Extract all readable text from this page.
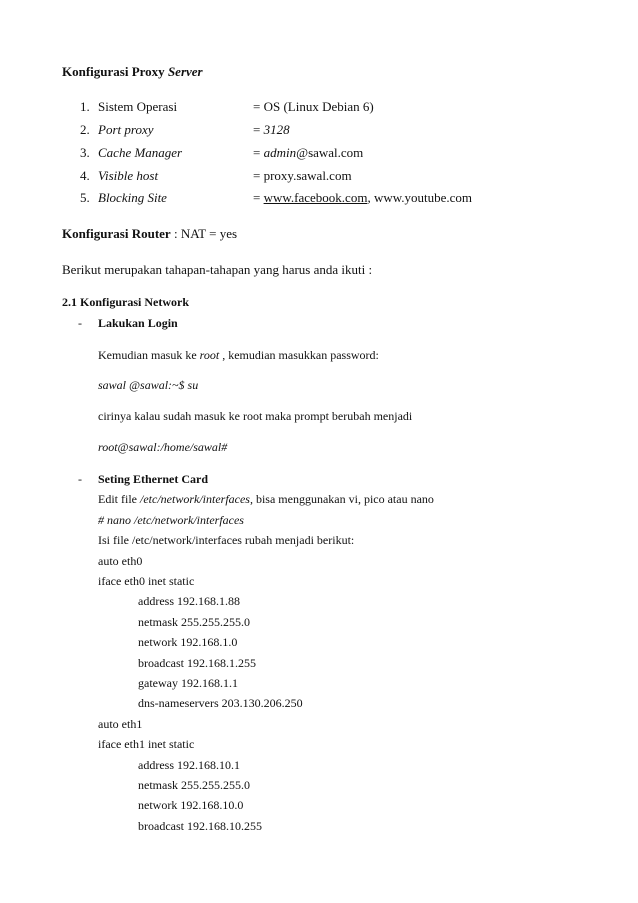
Konfigurasi Proxy Server
1. Sistem Operasi	= OS (Linux Debian 6)
2. Port proxy	= 3128
3. Cache Manager	= admin@sawal.com
4. Visible host	= proxy.sawal.com
5. Blocking Site	= www.facebook.com, www.youtube.com
Konfigurasi Router : NAT = yes
Berikut merupakan tahapan-tahapan yang harus anda ikuti :
2.1 Konfigurasi Network
- Lakukan Login
Kemudian masuk ke root , kemudian masukkan password:
sawal @sawal:~$ su
cirinya kalau sudah masuk ke root maka prompt berubah menjadi
root@sawal:/home/sawal#
- Seting Ethernet Card
Edit file /etc/network/interfaces, bisa menggunakan vi, pico atau nano
# nano /etc/network/interfaces
Isi file /etc/network/interfaces rubah menjadi berikut:
auto eth0
iface eth0 inet static
address 192.168.1.88
netmask 255.255.255.0
network 192.168.1.0
broadcast 192.168.1.255
gateway 192.168.1.1
dns-nameservers 203.130.206.250
auto eth1
iface eth1 inet static
address 192.168.10.1
netmask 255.255.255.0
network 192.168.10.0
broadcast 192.168.10.255
